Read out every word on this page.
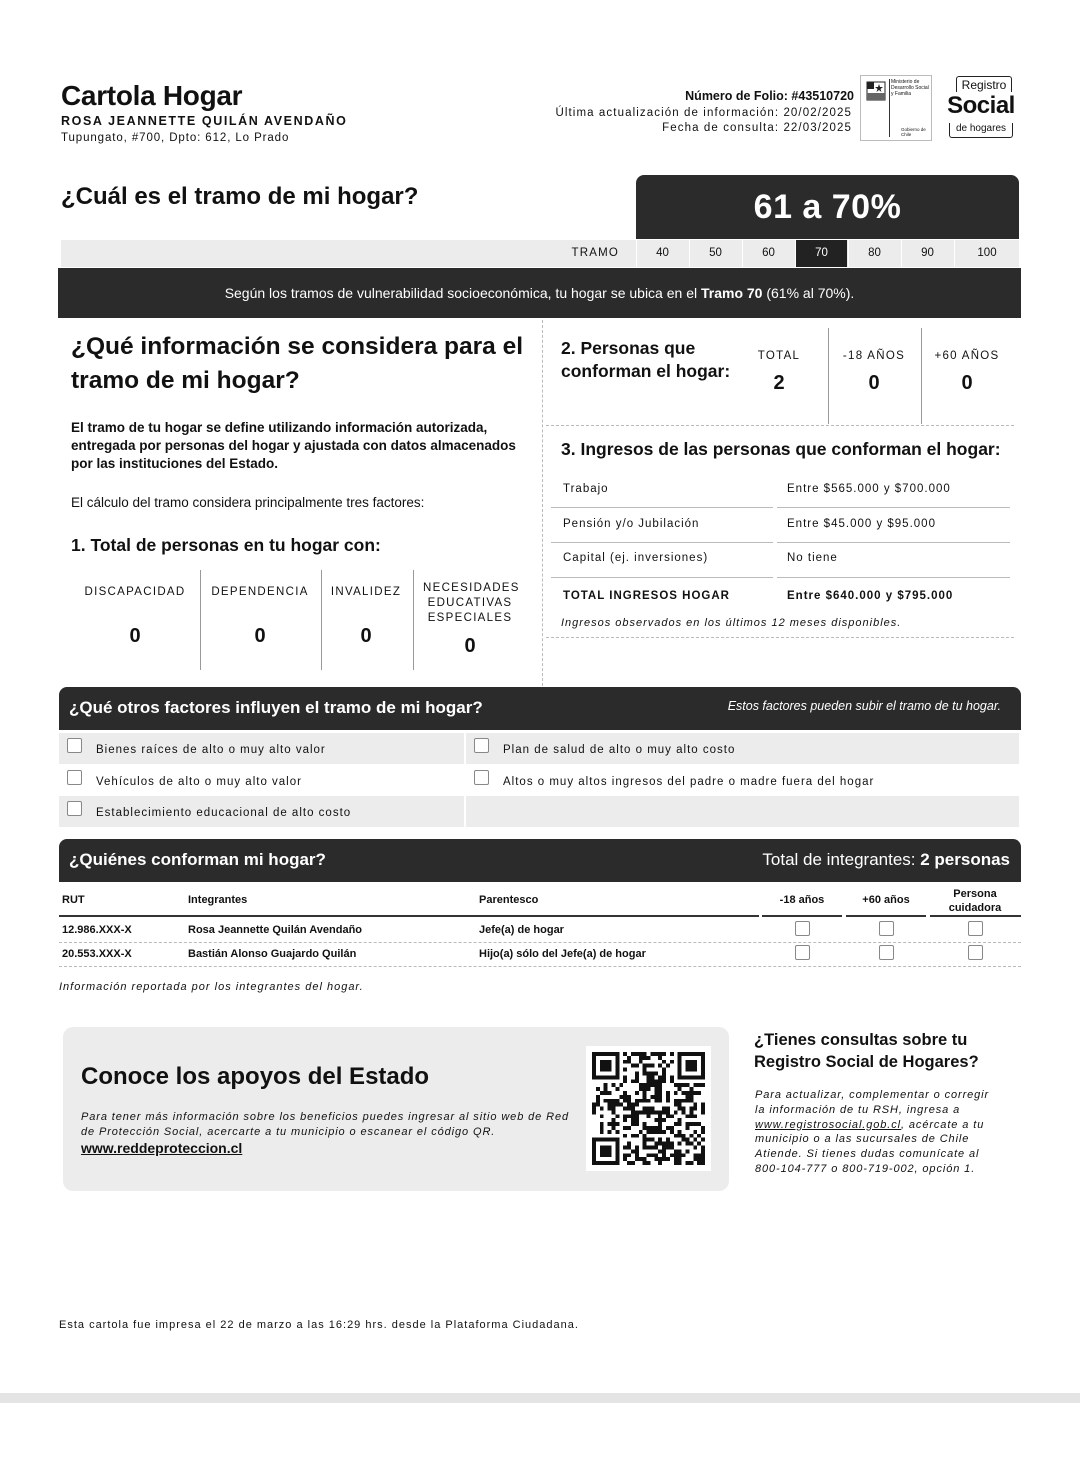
Cartola Hogar
ROSA JEANNETTE QUILÁN AVENDAÑO
Tupungato, #700, Dpto: 612, Lo Prado
Número de Folio: #43510720
Última actualización de información: 20/02/2025
Fecha de consulta: 22/03/2025
Ministerio de Desarrollo Social y Familia
Gobierno de Chile
Registro
Social
de hogares
¿Cuál es el tramo de mi hogar?	61 a 70%
TRAMO	40	50	60	70	80	90	100
Según los tramos de vulnerabilidad socioeconómica, tu hogar se ubica en el Tramo 70 (61% al 70%).
¿Qué información se considera para el tramo de mi hogar?
El tramo de tu hogar se define utilizando información autorizada, entregada por personas del hogar y ajustada con datos almacenados por las instituciones del Estado.
El cálculo del tramo considera principalmente tres factores:
1. Total de personas en tu hogar con:
DISCAPACIDAD
0
DEPENDENCIA
0
INVALIDEZ
0
NECESIDADES EDUCATIVAS ESPECIALES
0
2. Personas que conforman el hogar:
TOTAL
2
-18 AÑOS
0
+60 AÑOS
0
3. Ingresos de las personas que conforman el hogar:
Trabajo	Entre $565.000 y $700.000
Pensión y/o Jubilación	Entre $45.000 y $95.000
Capital (ej. inversiones)	No tiene
TOTAL INGRESOS HOGAR	Entre $640.000 y $795.000
Ingresos observados en los últimos 12 meses disponibles.
¿Qué otros factores influyen el tramo de mi hogar?	Estos factores pueden subir el tramo de tu hogar.
Bienes raíces de alto o muy alto valor	Plan de salud de alto o muy alto costo
Vehículos de alto o muy alto valor	Altos o muy altos ingresos del padre o madre fuera del hogar
Establecimiento educacional de alto costo
¿Quiénes conforman mi hogar?	Total de integrantes: 2 personas
RUT	Integrantes	Parentesco	-18 años	+60 años	Persona cuidadora
12.986.XXX-X	Rosa Jeannette Quilán Avendaño	Jefe(a) de hogar
20.553.XXX-X	Bastián Alonso Guajardo Quilán	Hijo(a) sólo del Jefe(a) de hogar
Información reportada por los integrantes del hogar.
Conoce los apoyos del Estado
Para tener más información sobre los beneficios puedes ingresar al sitio web de Red de Protección Social, acercarte a tu municipio o escanear el código QR.
www.reddeproteccion.cl
¿Tienes consultas sobre tu Registro Social de Hogares?
Para actualizar, complementar o corregir la información de tu RSH, ingresa a www.registrosocial.gob.cl, acércate a tu municipio o a las sucursales de Chile Atiende. Si tienes dudas comunícate al 800-104-777 o 800-719-002, opción 1.
Esta cartola fue impresa el 22 de marzo a las 16:29 hrs. desde la Plataforma Ciudadana.
